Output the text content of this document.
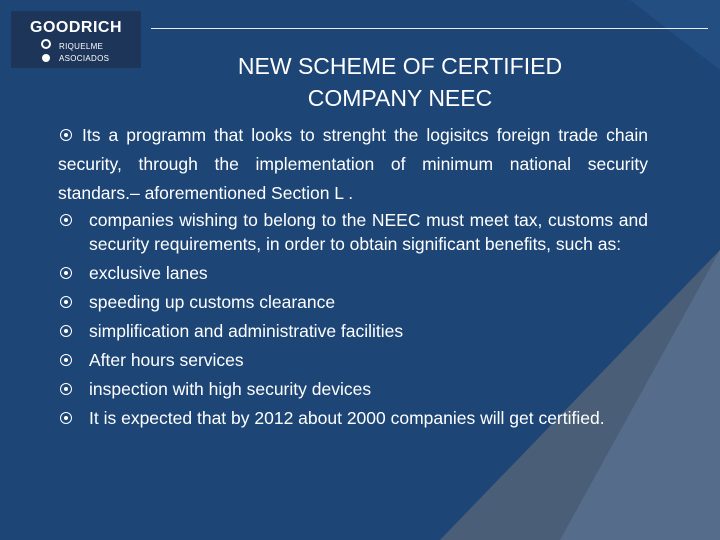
GOODRICH
RIQUELME
ASOCIADOS	NEW SCHEME OF CERTIFIED
COMPANY NEEC
Its a programm that looks to strenght the logisitcs foreign trade chain security, through the implementation of minimum national security standars.– aforementioned Section L .
companies wishing to belong to the NEEC must meet tax, customs and security requirements, in order to obtain significant benefits, such as:
exclusive lanes
speeding up customs clearance
simplification and administrative facilities
After hours services
inspection with high security devices
It is expected that by 2012 about 2000 companies will get certified.
